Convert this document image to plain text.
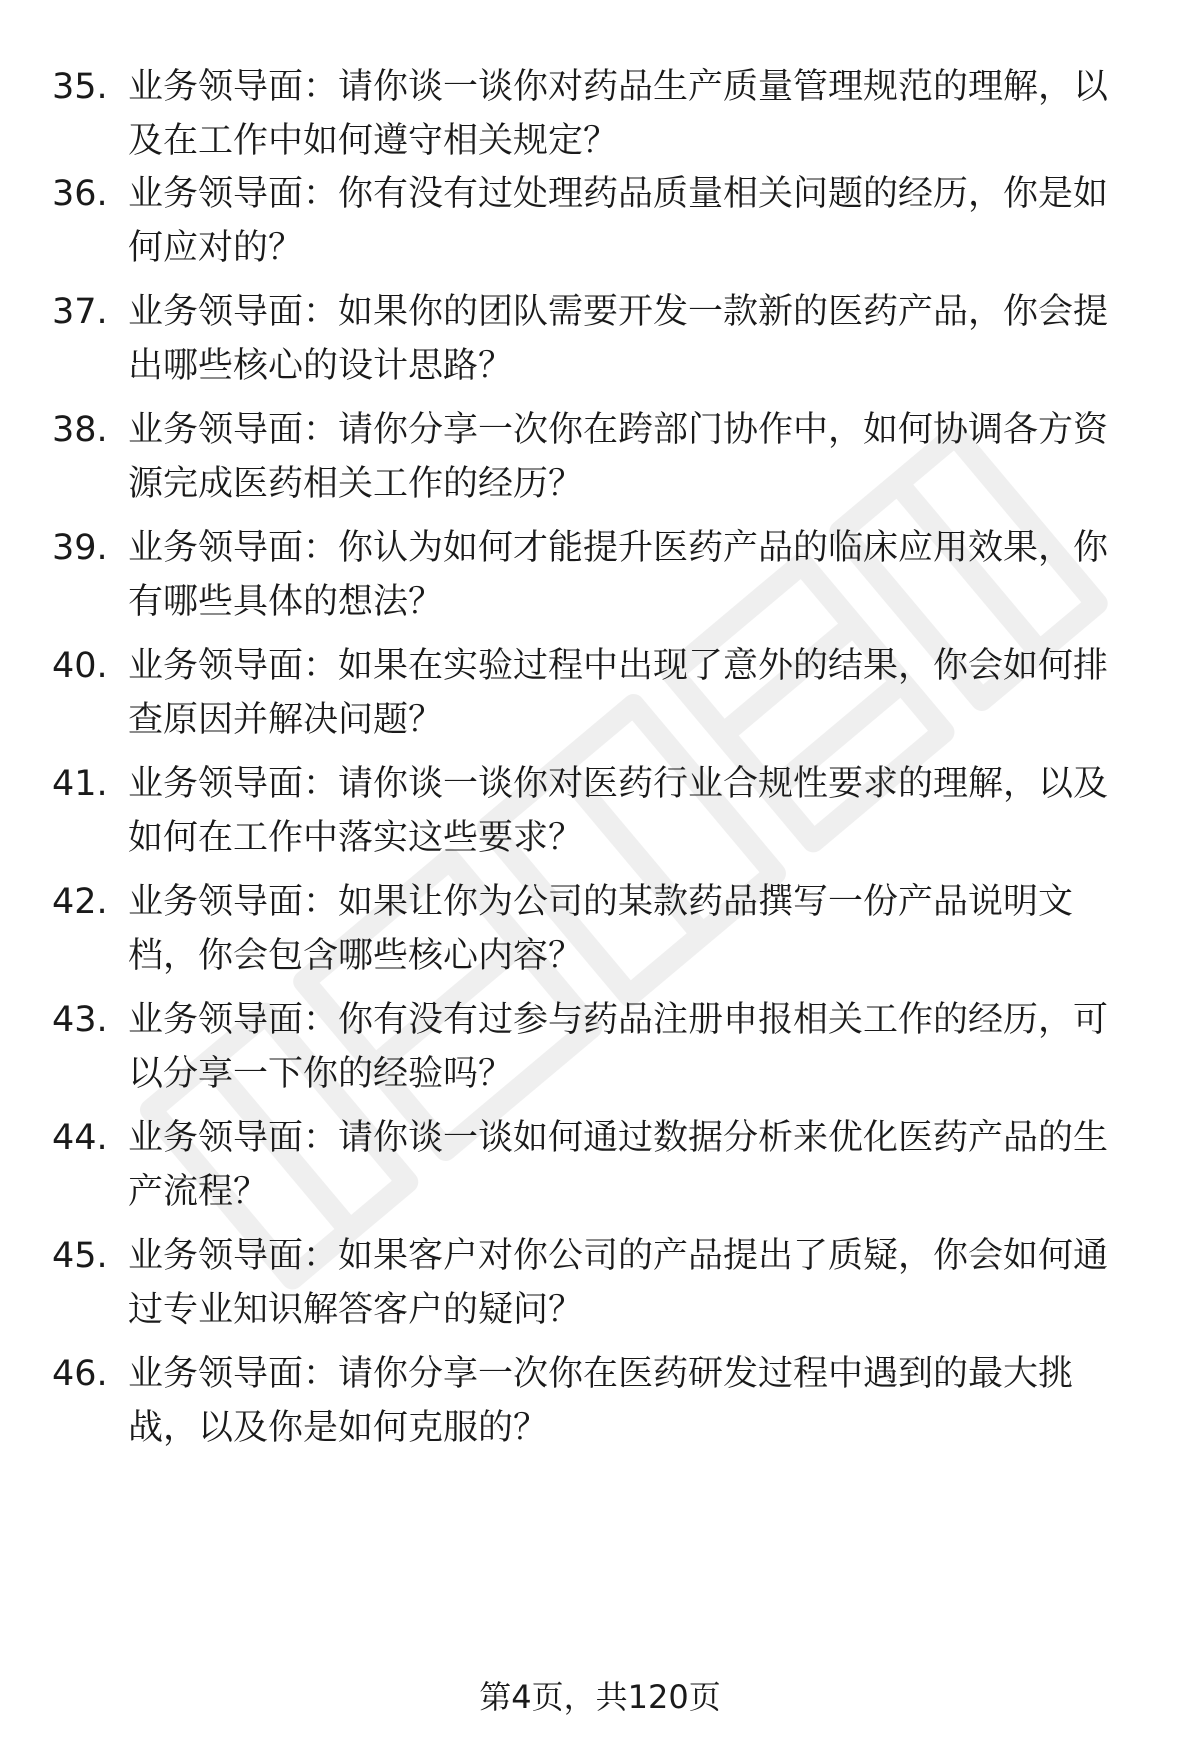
35. 业务领导面：请你谈一谈你对药品生产质量管理规范的理解，以
及在工作中如何遵守相关规定？
36. 业务领导面：你有没有过处理药品质量相关问题的经历，你是如
何应对的？
37. 业务领导面：如果你的团队需要开发一款新的医药产品，你会提
出哪些核心的设计思路？
38. 业务领导面：请你分享一次你在跨部门协作中，如何协调各方资
源完成医药相关工作的经历？
39. 业务领导面：你认为如何才能提升医药产品的临床应用效果，你
有哪些具体的想法？
40. 业务领导面：如果在实验过程中出现了意外的结果，你会如何排
查原因并解决问题？
41. 业务领导面：请你谈一谈你对医药行业合规性要求的理解，以及
如何在工作中落实这些要求？
42. 业务领导面：如果让你为公司的某款药品撰写一份产品说明文
档，你会包含哪些核心内容？
43. 业务领导面：你有没有过参与药品注册申报相关工作的经历，可
以分享一下你的经验吗？
44. 业务领导面：请你谈一谈如何通过数据分析来优化医药产品的生
产流程？
45. 业务领导面：如果客户对你公司的产品提出了质疑，你会如何通
过专业知识解答客户的疑问？
46. 业务领导面：请你分享一次你在医药研发过程中遇到的最大挑
战，以及你是如何克服的？
第4页，共120页
